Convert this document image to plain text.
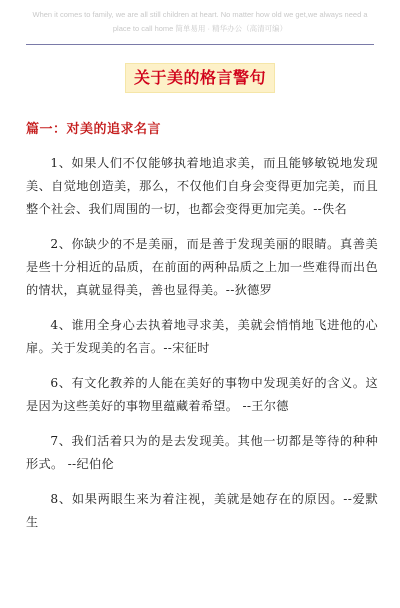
When it comes to family, we are all still children at heart. No matter how old we get,we always need a place to call home 简单易用 · 精华办公（高清可编）
关于美的格言警句
篇一：对美的追求名言

1、如果人们不仅能够执着地追求美，而且能够敏锐地发现美、自觉地创造美，那么，不仅他们自身会变得更加完美，而且整个社会、我们周围的一切，也都会变得更加完美。--佚名

2、你缺少的不是美丽，而是善于发现美丽的眼睛。真善美是些十分相近的品质，在前面的两种品质之上加一些难得而出色的情状，真就显得美，善也显得美。--狄德罗

4、谁用全身心去执着地寻求美，美就会悄悄地飞进他的心扉。关于发现美的名言。--宋征时

6、有文化教养的人能在美好的事物中发现美好的含义。这是因为这些美好的事物里蕴藏着希望。 --王尔德

7、我们活着只为的是去发现美。其他一切都是等待的种种形式。 --纪伯伦

8、如果两眼生来为着注视，美就是她存在的原因。--爱默生
